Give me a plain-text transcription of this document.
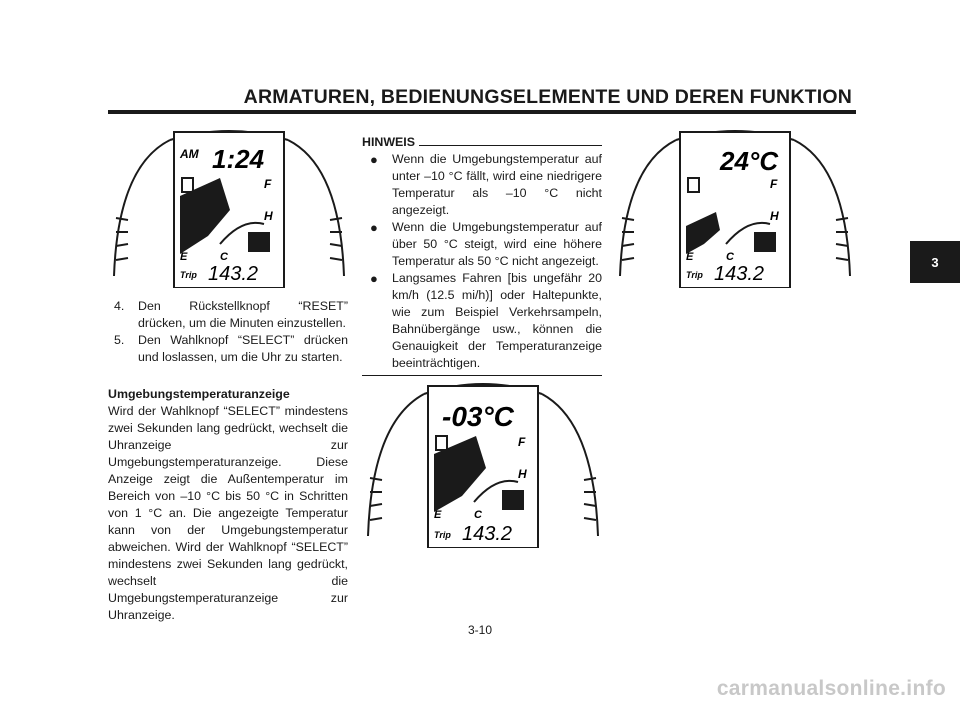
ARMATUREN, BEDIENUNGSELEMENTE UND DEREN FUNKTION
3
AM 1:24
F
H
E	C
Trip 143.2
24°C
F
H
E	C
Trip 143.2
-03°C
F
H
E	C
Trip 143.2
4.	Den Rückstellknopf “RESET” drücken, um die Minuten einzustellen.
5.	Den Wahlknopf “SELECT” drücken und loslassen, um die Uhr zu starten.
Umgebungstemperaturanzeige
Wird der Wahlknopf “SELECT” mindestens zwei Sekunden lang gedrückt, wechselt die Uhranzeige zur Umgebungstemperaturanzeige. Diese Anzeige zeigt die Außentemperatur im Bereich von –10 °C bis 50 °C in Schritten von 1 °C an. Die angezeigte Temperatur kann von der Umgebungstemperatur abweichen. Wird der Wahlknopf “SELECT” mindestens zwei Sekunden lang gedrückt, wechselt die Umgebungstemperaturanzeige zur Uhranzeige.
HINWEIS
●	Wenn die Umgebungstemperatur auf unter –10 °C fällt, wird eine niedrigere Temperatur als –10 °C nicht angezeigt.
●	Wenn die Umgebungstemperatur auf über 50 °C steigt, wird eine höhere Temperatur als 50 °C nicht angezeigt.
●	Langsames Fahren [bis ungefähr 20 km/h (12.5 mi/h)] oder Haltepunkte, wie zum Beispiel Verkehrsampeln, Bahnübergänge usw., können die Genauigkeit der Temperaturanzeige beeinträchtigen.
3-10
carmanualsonline.info
